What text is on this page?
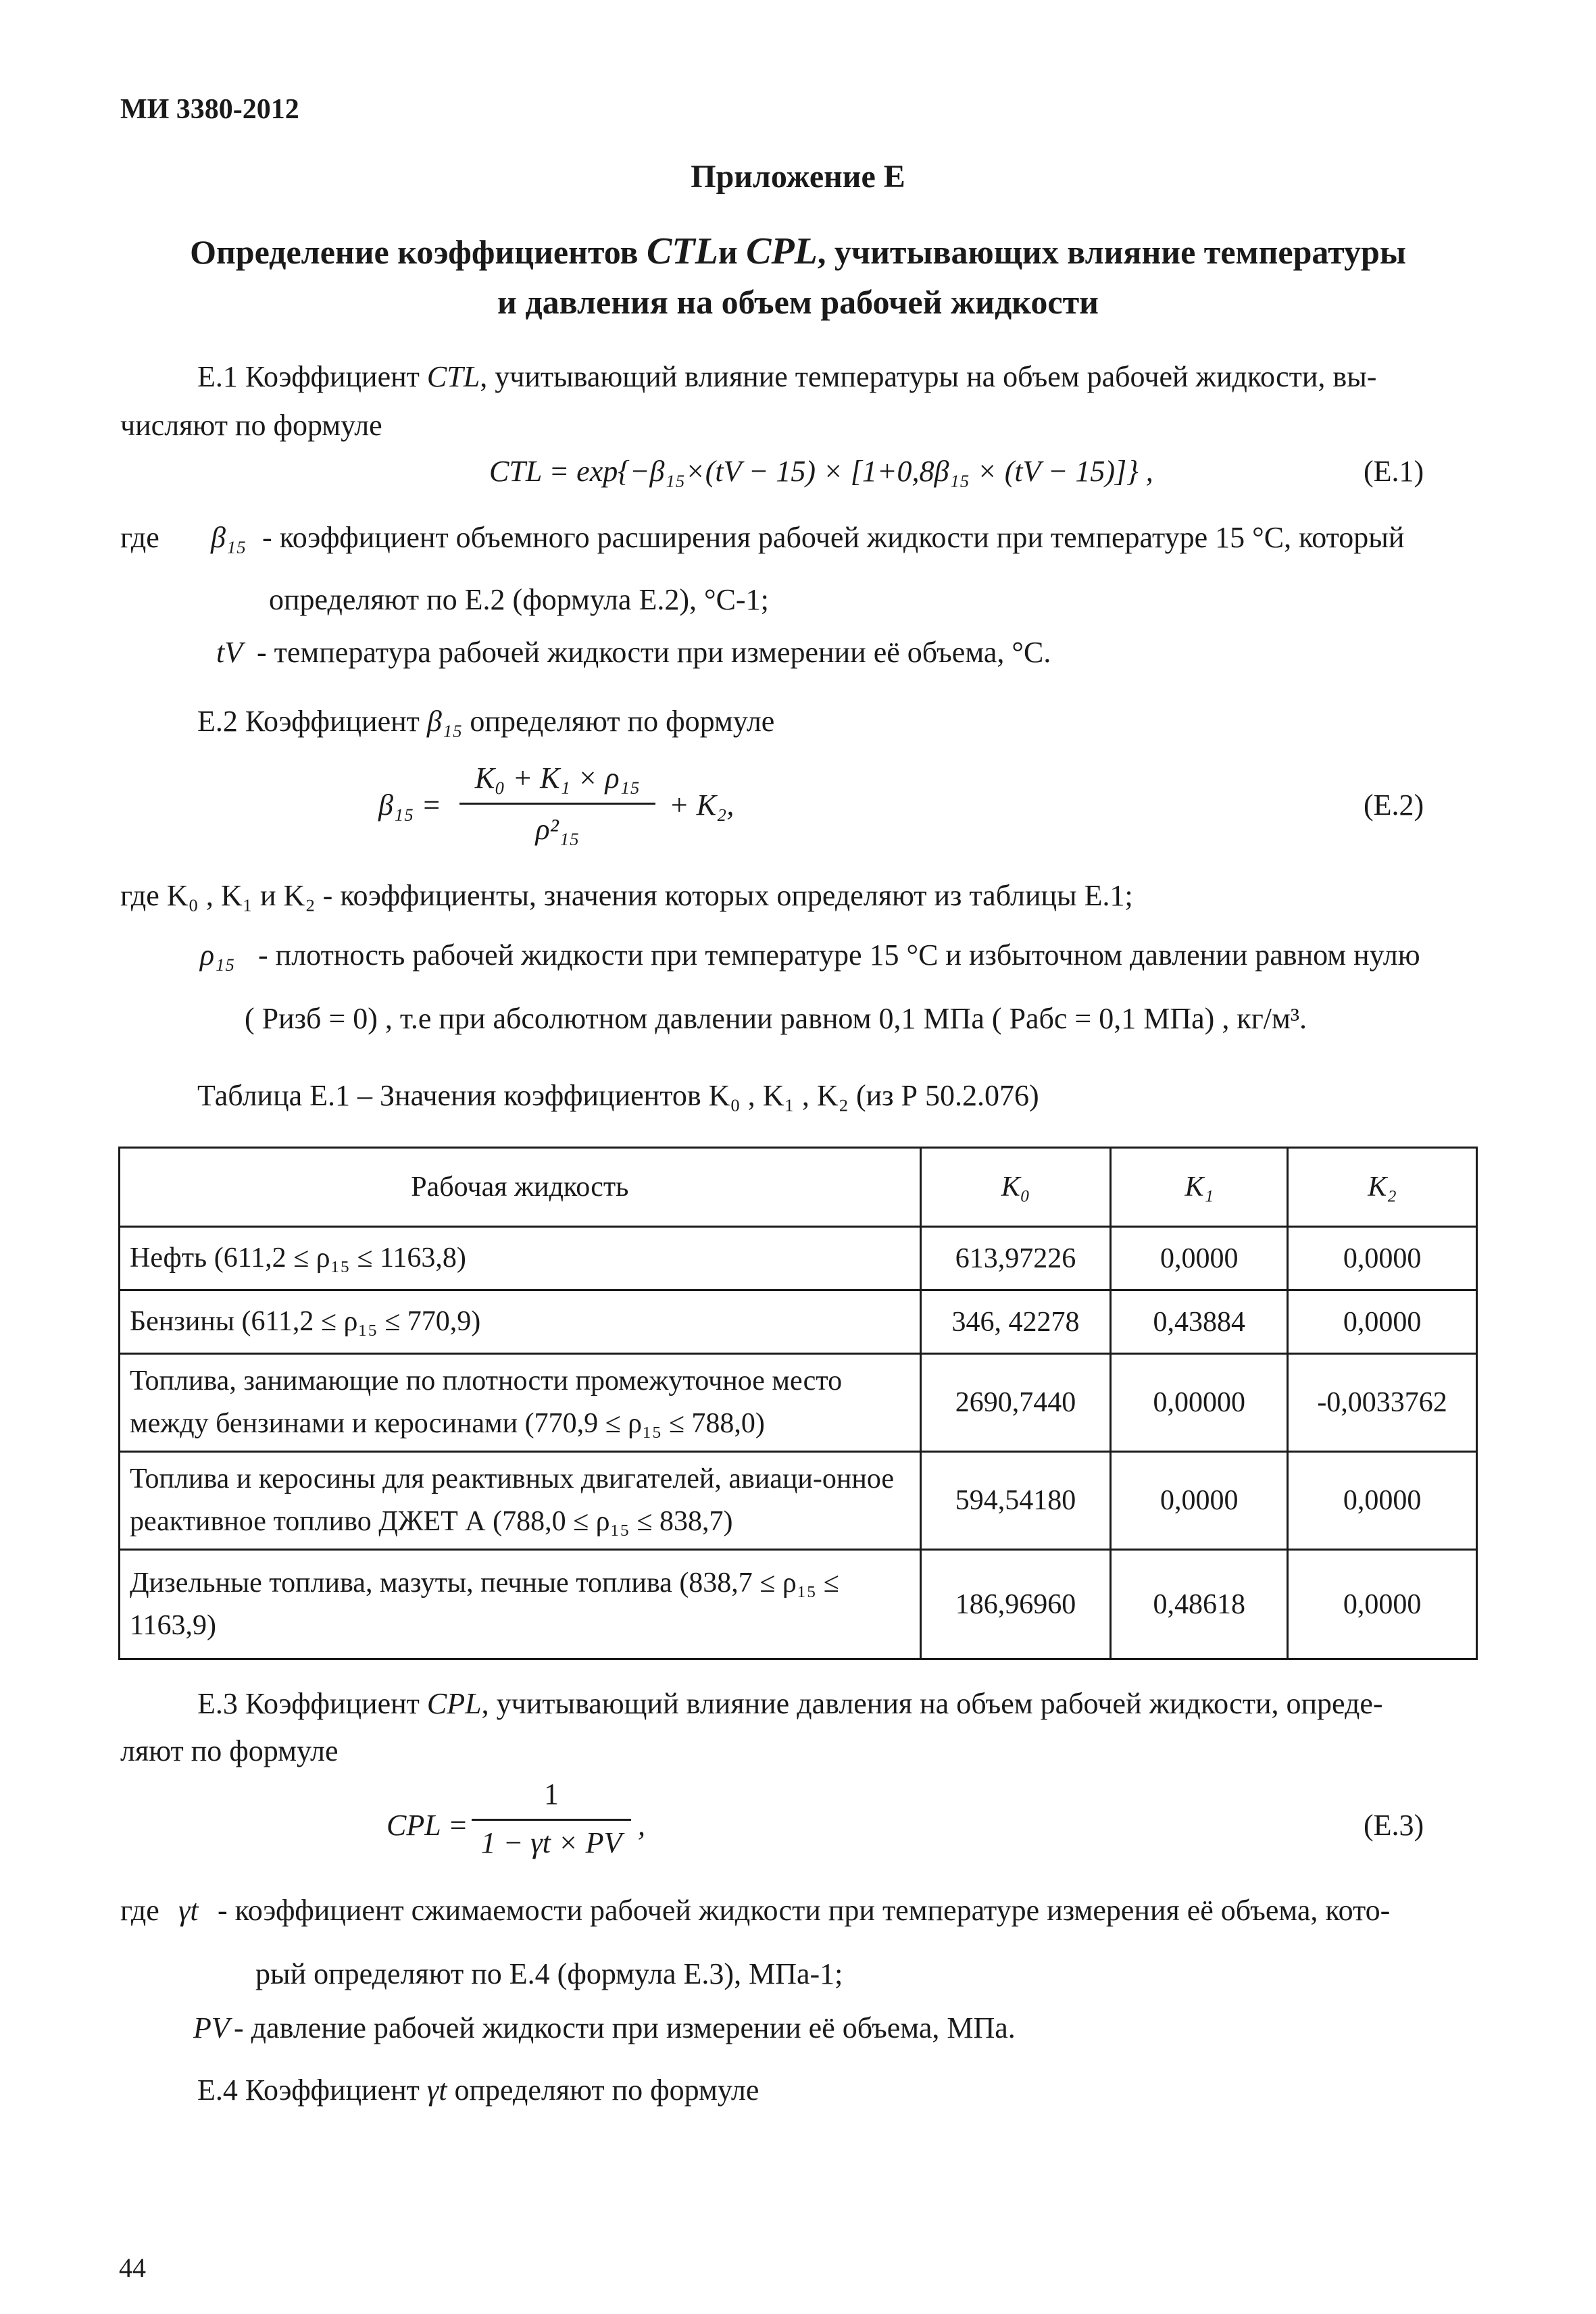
МИ 3380-2012
Приложение Е
Определение коэффициентов CTLи CPL, учитывающих влияние температуры
и давления на объем рабочей жидкости
Е.1 Коэффициент CTL, учитывающий влияние температуры на объем рабочей жидкости, вы-
числяют по формуле
CTL = exp{−β₁₅×(tV − 15) × [1+0,8β₁₅ × (tV − 15)]} ,	(Е.1)
где β₁₅ - коэффициент объемного расширения рабочей жидкости при температуре 15 °С, который
определяют по Е.2 (формула Е.2), °С-1;
tV - температура рабочей жидкости при измерении её объема, °С.
Е.2 Коэффициент β₁₅ определяют по формуле
β₁₅ =
K₀ + K₁ × ρ₁₅
ρ²₁₅
+ K₂,	(Е.2)
где K₀ , K₁ и K₂ - коэффициенты, значения которых определяют из таблицы Е.1;
ρ₁₅ - плотность рабочей жидкости при температуре 15 °С и избыточном давлении равном нулю
( Pизб = 0) , т.е при абсолютном давлении равном 0,1 МПа ( Pабс = 0,1 МПа) , кг/м³.
Таблица Е.1 – Значения коэффициентов K₀ , K₁ , K₂ (из Р 50.2.076)
Рабочая жидкость	K₀	K₁	K₂
Нефть (611,2 ≤ ρ₁₅ ≤ 1163,8)	613,97226	0,0000	0,0000
Бензины (611,2 ≤ ρ₁₅ ≤ 770,9)	346, 42278	0,43884	0,0000
Топлива, занимающие по плотности промежуточное место между бензинами и керосинами (770,9 ≤ ρ₁₅ ≤ 788,0)	2690,7440	0,00000	-0,0033762
Топлива и керосины для реактивных двигателей, авиаци-онное реактивное топливо ДЖЕТ А (788,0 ≤ ρ₁₅ ≤ 838,7)	594,54180	0,0000	0,0000
Дизельные топлива, мазуты, печные топлива (838,7 ≤ ρ₁₅ ≤ 1163,9)	186,96960	0,48618	0,0000
Е.3 Коэффициент CPL, учитывающий влияние давления на объем рабочей жидкости, опреде-
ляют по формуле
CPL =
1
1 − γt × PV
,	(Е.3)
где γt - коэффициент сжимаемости рабочей жидкости при температуре измерения её объема, кото-
рый определяют по Е.4 (формула Е.3), МПа-1;
PV - давление рабочей жидкости при измерении её объема, МПа.
Е.4 Коэффициент γt определяют по формуле
44
